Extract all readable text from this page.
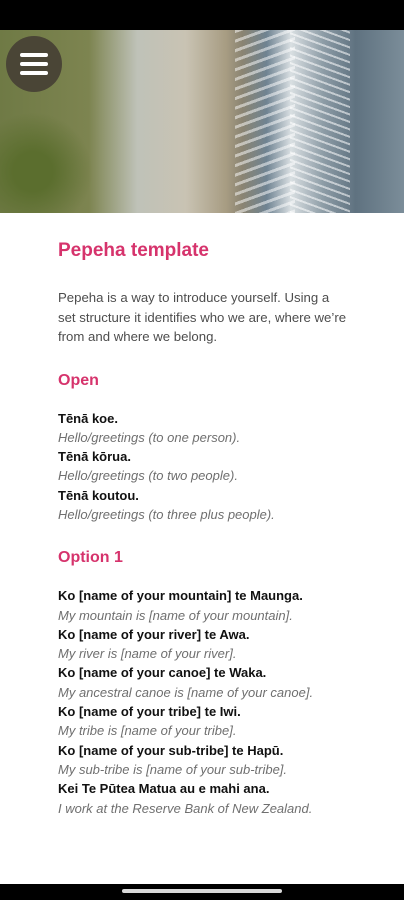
Pepeha template
Pepeha is a way to introduce yourself. Using a set structure it identifies who we are, where we’re from and where we belong.
Open
Tēnā koe.
Hello/greetings (to one person).
Tēnā kōrua.
Hello/greetings (to two people).
Tēnā koutou.
Hello/greetings (to three plus people).
Option 1
Ko [name of your mountain] te Maunga.
My mountain is [name of your mountain].
Ko [name of your river] te Awa.
My river is [name of your river].
Ko [name of your canoe] te Waka.
My ancestral canoe is [name of your canoe].
Ko [name of your tribe] te Iwi.
My tribe is [name of your tribe].
Ko [name of your sub-tribe] te Hapū.
My sub-tribe is [name of your sub-tribe].
Kei Te Pūtea Matua au e mahi ana.
I work at the Reserve Bank of New Zealand.
